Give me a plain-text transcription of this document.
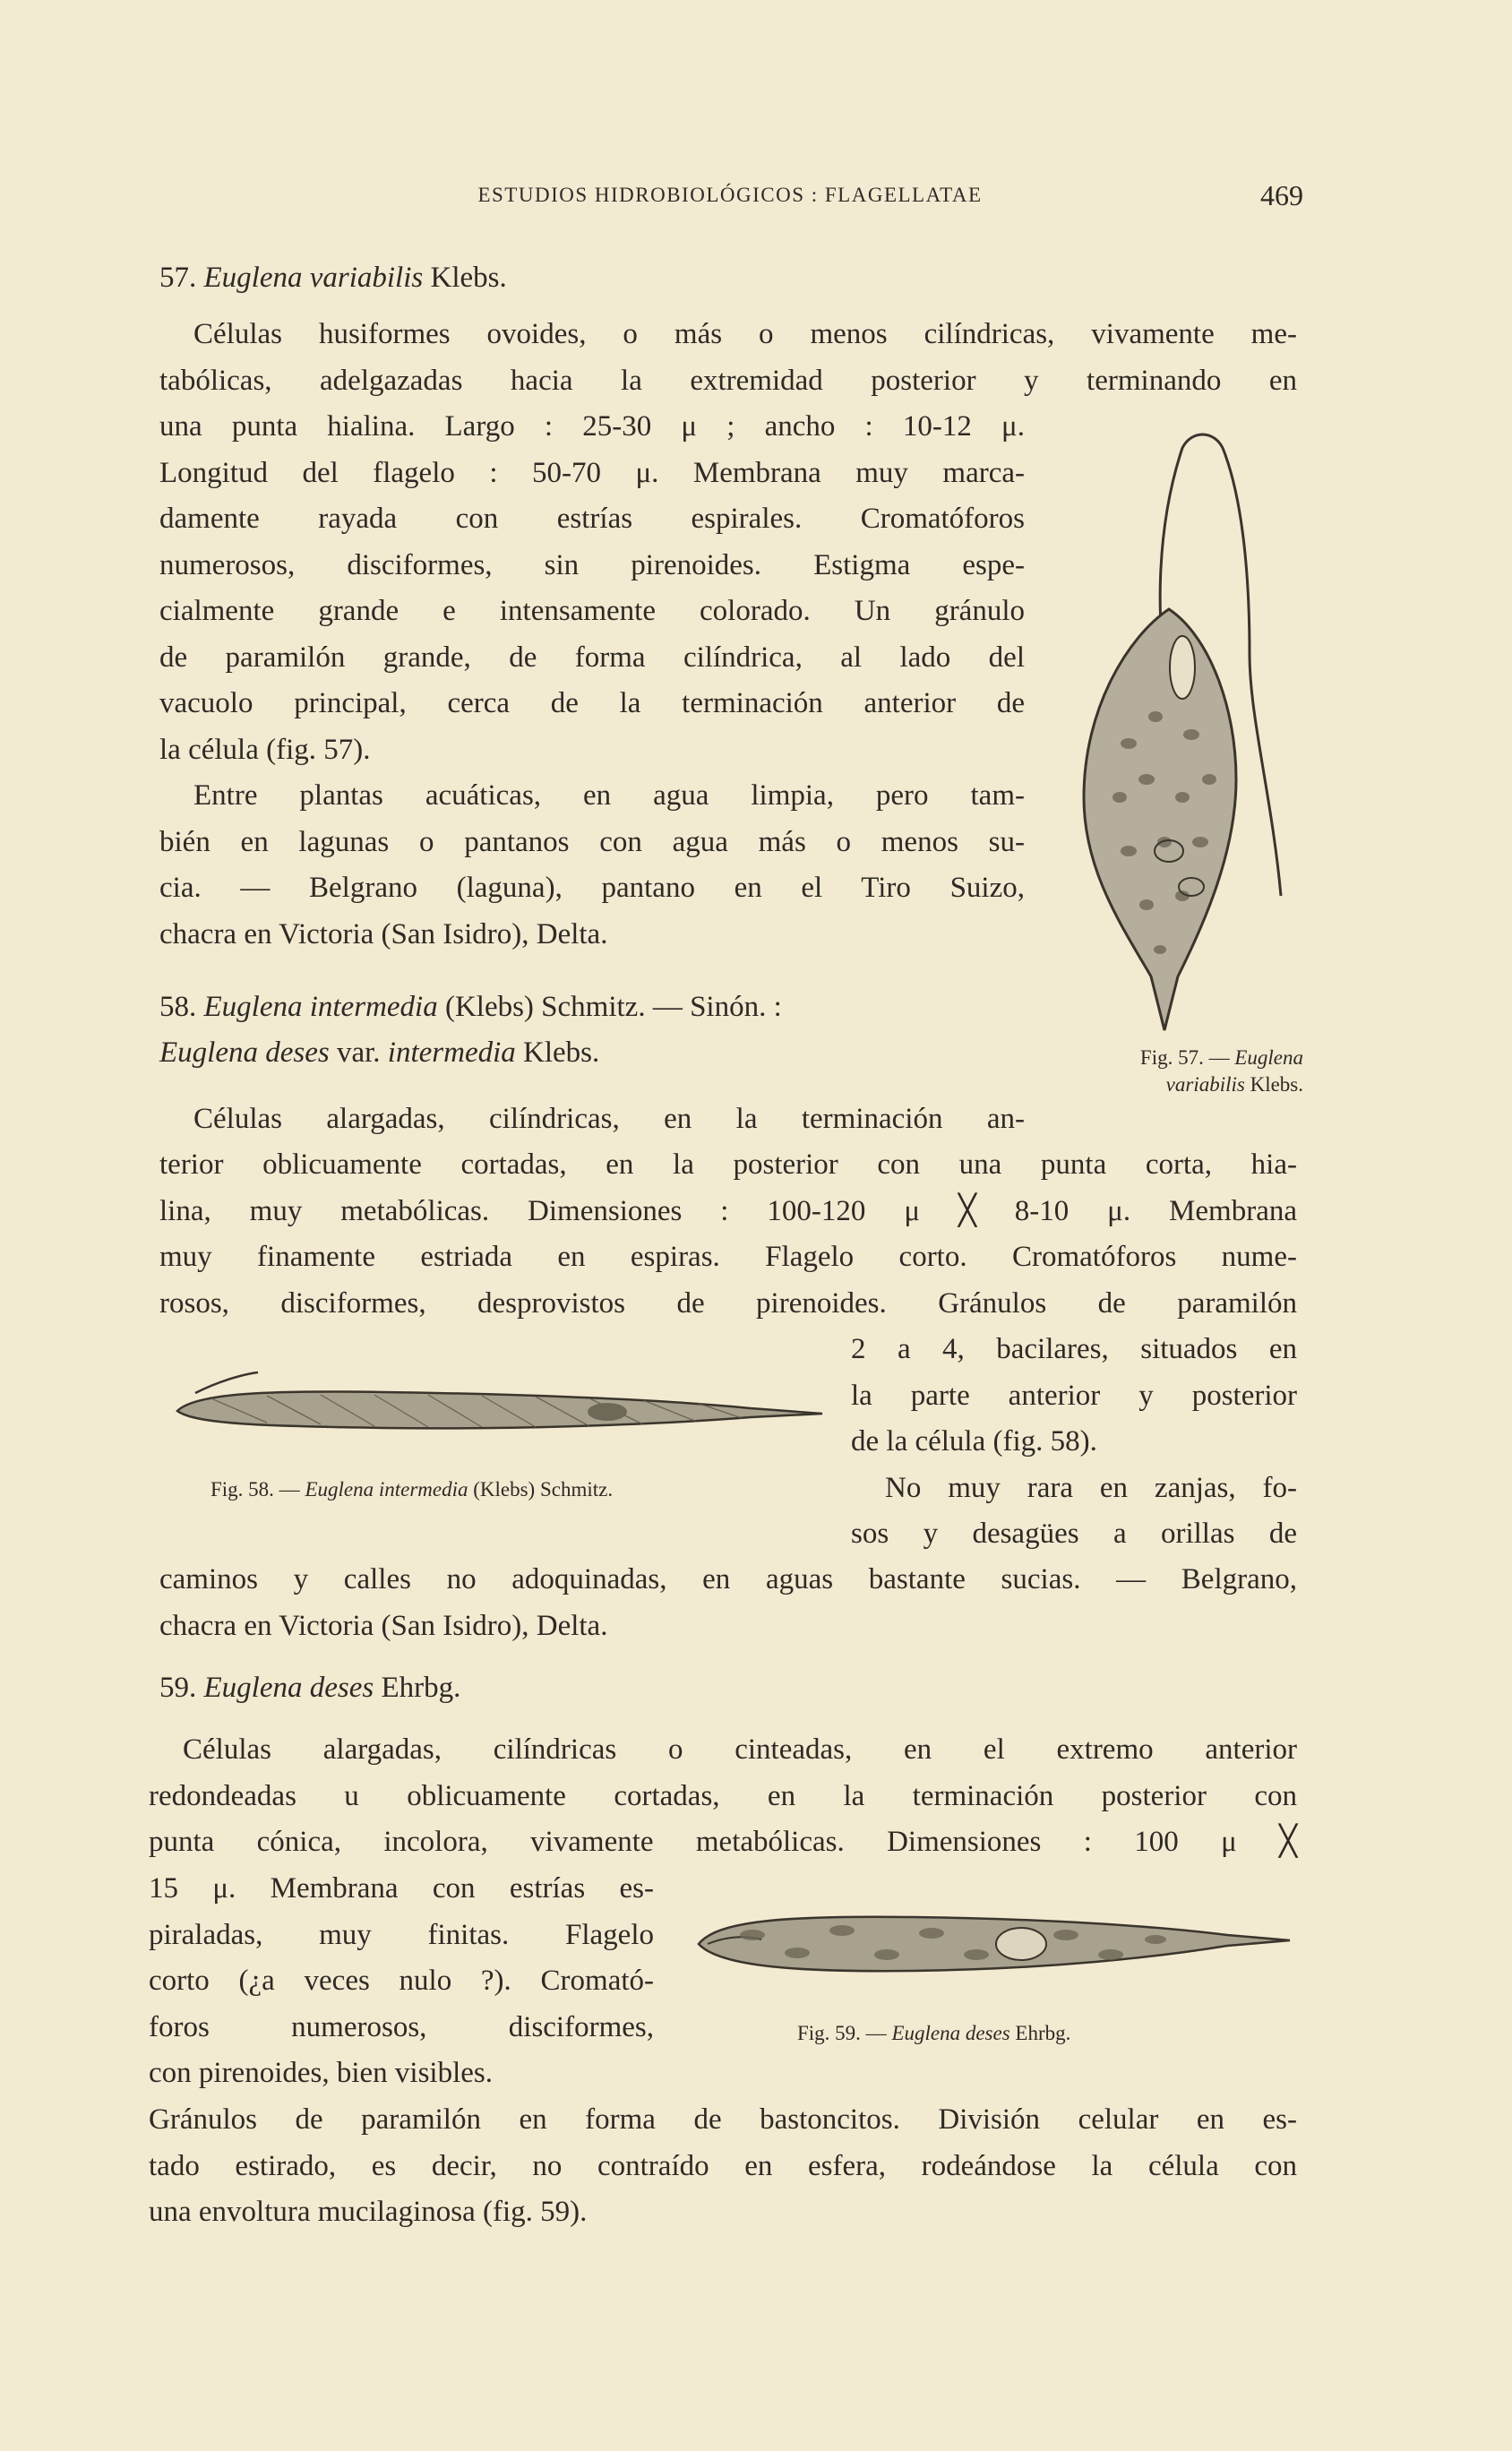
ESTUDIOS HIDROBIOLÓGICOS : FLAGELLATAE	469
57. Euglena variabilis Klebs.

Células husiformes ovoides, o más o menos cilíndricas, vivamente me-

tabólicas, adelgazadas hacia la extremidad posterior y terminando en

una punta hialina. Largo : 25-30 μ ; ancho : 10-12 μ.

Longitud del flagelo : 50-70 μ. Membrana muy marca-

damente rayada con estrías espirales. Cromatóforos

numerosos, disciformes, sin pirenoides. Estigma espe-

cialmente grande e intensamente colorado. Un gránulo

de paramilón grande, de forma cilíndrica, al lado del

vacuolo principal, cerca de la terminación anterior de

la célula (fig. 57).

Entre plantas acuáticas, en agua limpia, pero tam-

bién en lagunas o pantanos con agua más o menos su-

cia. — Belgrano (laguna), pantano en el Tiro Suizo,

chacra en Victoria (San Isidro), Delta.

Fig. 57. — Euglena variabilis Klebs.
58. Euglena intermedia (Klebs) Schmitz. — Sinón. :
Euglena deses var. intermedia Klebs.

Células alargadas, cilíndricas, en la terminación an-

terior oblicuamente cortadas, en la posterior con una punta corta, hia-

lina, muy metabólicas. Dimensiones : 100-120 μ ╳ 8-10 μ. Membrana

muy finamente estriada en espiras. Flagelo corto. Cromatóforos nume-

rosos, disciformes, desprovistos de pirenoides. Gránulos de paramilón

2 a 4, bacilares, situados en

la parte anterior y posterior

de la célula (fig. 58).

No muy rara en zanjas, fo-

sos y desagües a orillas de

caminos y calles no adoquinadas, en aguas bastante sucias. — Belgrano,

chacra en Victoria (San Isidro), Delta.

Fig. 58. — Euglena intermedia (Klebs) Schmitz.
59. Euglena deses Ehrbg.

Células alargadas, cilíndricas o cinteadas, en el extremo anterior

redondeadas u oblicuamente cortadas, en la terminación posterior con

punta cónica, incolora, vivamente metabólicas. Dimensiones : 100 μ ╳

15 μ. Membrana con estrías es-

piraladas, muy finitas. Flagelo

corto (¿a veces nulo ?). Cromató-

foros numerosos, disciformes,

con pirenoides, bien visibles.

Gránulos de paramilón en forma de bastoncitos. División celular en es-

tado estirado, es decir, no contraído en esfera, rodeándose la célula con

una envoltura mucilaginosa (fig. 59).

Fig. 59. — Euglena deses Ehrbg.
